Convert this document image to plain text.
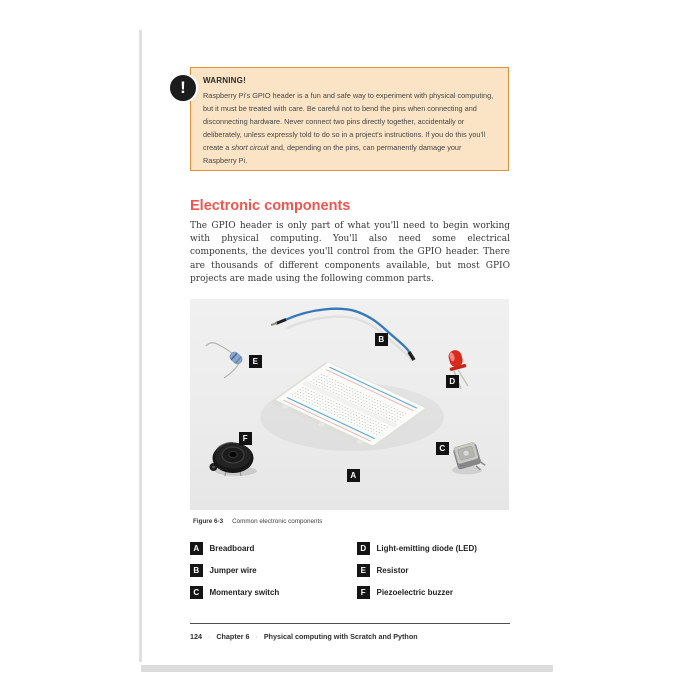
!	WARNING!
Raspberry Pi's GPIO header is a fun and safe way to experiment with physical computing, but it must be treated with care. Be careful not to bend the pins when connecting and disconnecting hardware. Never connect two pins directly together, accidentally or deliberately, unless expressly told to do so in a project's instructions. If you do this you'll create a short circuit and, depending on the pins, can permanently damage your Raspberry Pi.
Electronic components

The GPIO header is only part of what you'll need to begin working with physical computing. You'll also need some electrical components, the devices you'll control from the GPIO header. There are thousands of different components available, but most GPIO projects are made using the following common parts.

A
B
C
D
E
F
Figure 6-3 Common electronic components
A	Breadboard
B	Jumper wire
C	Momentary switch
D	Light-emitting diode (LED)
E	Resistor
F	Piezoelectric buzzer
124 · Chapter 6 · Physical computing with Scratch and Python
